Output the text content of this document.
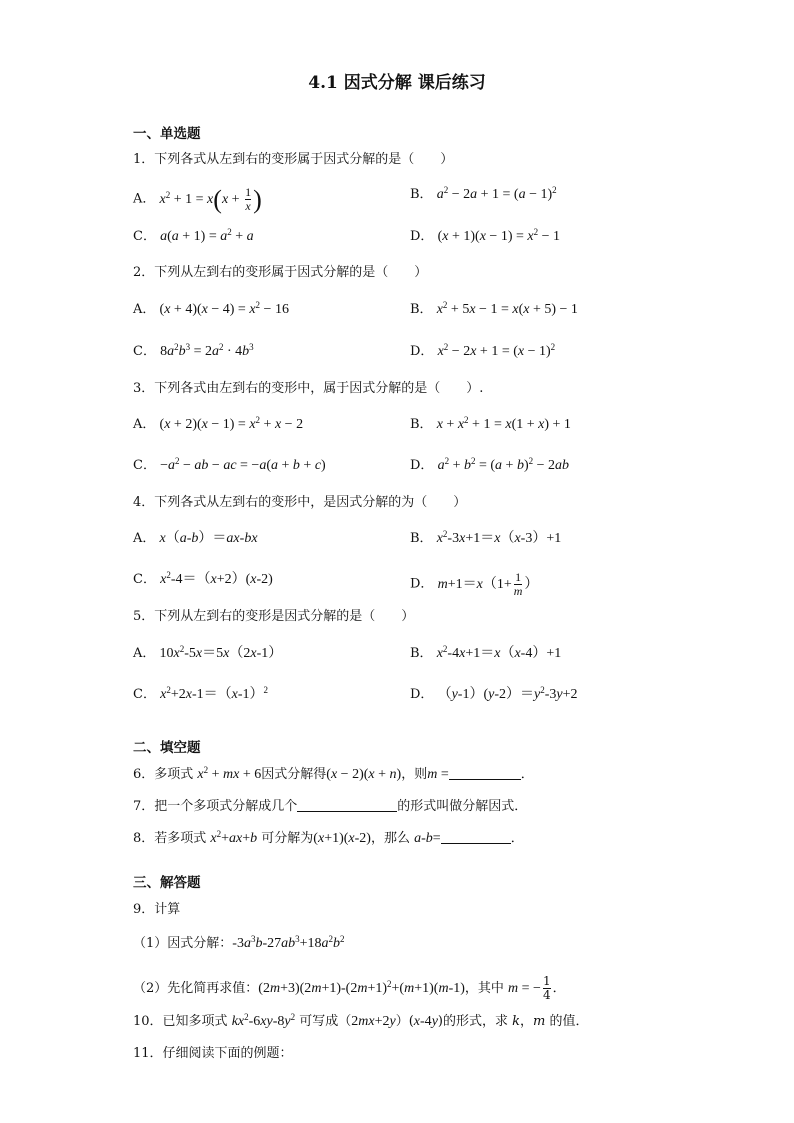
4.1 因式分解 课后练习
一、单选题
1．下列各式从左到右的变形属于因式分解的是（　　）
A． $x^2 + 1 = x(x + \frac{1}{x}$ )	B． $a^2 - 2a + 1 = (a - 1)^2$
C． $a(a + 1) = a^2 + a$	D． $(x + 1)(x - 1) = x^2 - 1$
2．下列从左到右的变形属于因式分解的是（　　）
A． $(x + 4)(x - 4) = x^2 - 16$	B． $x^2 + 5x - 1 = x(x + 5) - 1$
C． $8a^2b^3 = 2a^2 \cdot 4b^3$	D． $x^2 - 2x + 1 = (x - 1)^2$
3．下列各式由左到右的变形中，属于因式分解的是（　　）.
A． $(x + 2)(x - 1) = x^2 + x - 2$	B． $x + x^2 + 1 = x(1 + x) + 1$
C． $-a^2$ − ab − ac = −a(a + b + c)	D． $a^2 + b^2 = (a + b)^2 - 2ab$
4．下列各式从左到右的变形中，是因式分解的为（　　）
A． x（a-b）＝ax-bx	B． $x^2-3x+1=x(x-3)+1$
C． $x^2-4=(x+2)(x-2)$	D． $m+1=x(1+ \frac{1}{m}$ ）
5．下列从左到右的变形是因式分解的是（　　）
A． $10x^2-5x=5x(2x-1)$	B． $x^2-4x+1=x(x-4)+1$
C． $x^2+2x-1=(x-1)^2$	D． $(y-1)(y-2)=y^2-3y+2$
二、填空题
6．多项式 $x^2$ + mx + 6因式分解得(x − 2)(x + n)，则m =	．
7．把一个多项式分解成几个	的形式叫做分解因式．
8．若多项式 $x^2+ax+b$ 可分解为(x+1)(x-2)，那么 a-b=	．
三、解答题
9．计算
（1）因式分解：$-3a^3b-27ab^3+18a^2b^2$
（2）先化简再求值：$(2m+3)(2m+1)-(2m+1)^2+(m+1)(m-1)$，其中 m = − $\frac{1}{4}$ ．
10．已知多项式 $kx^2-6xy-8y^2$ 可写成（2mx+2y）(x-4y)的形式，求 k，m 的值．
11．仔细阅读下面的例题：
